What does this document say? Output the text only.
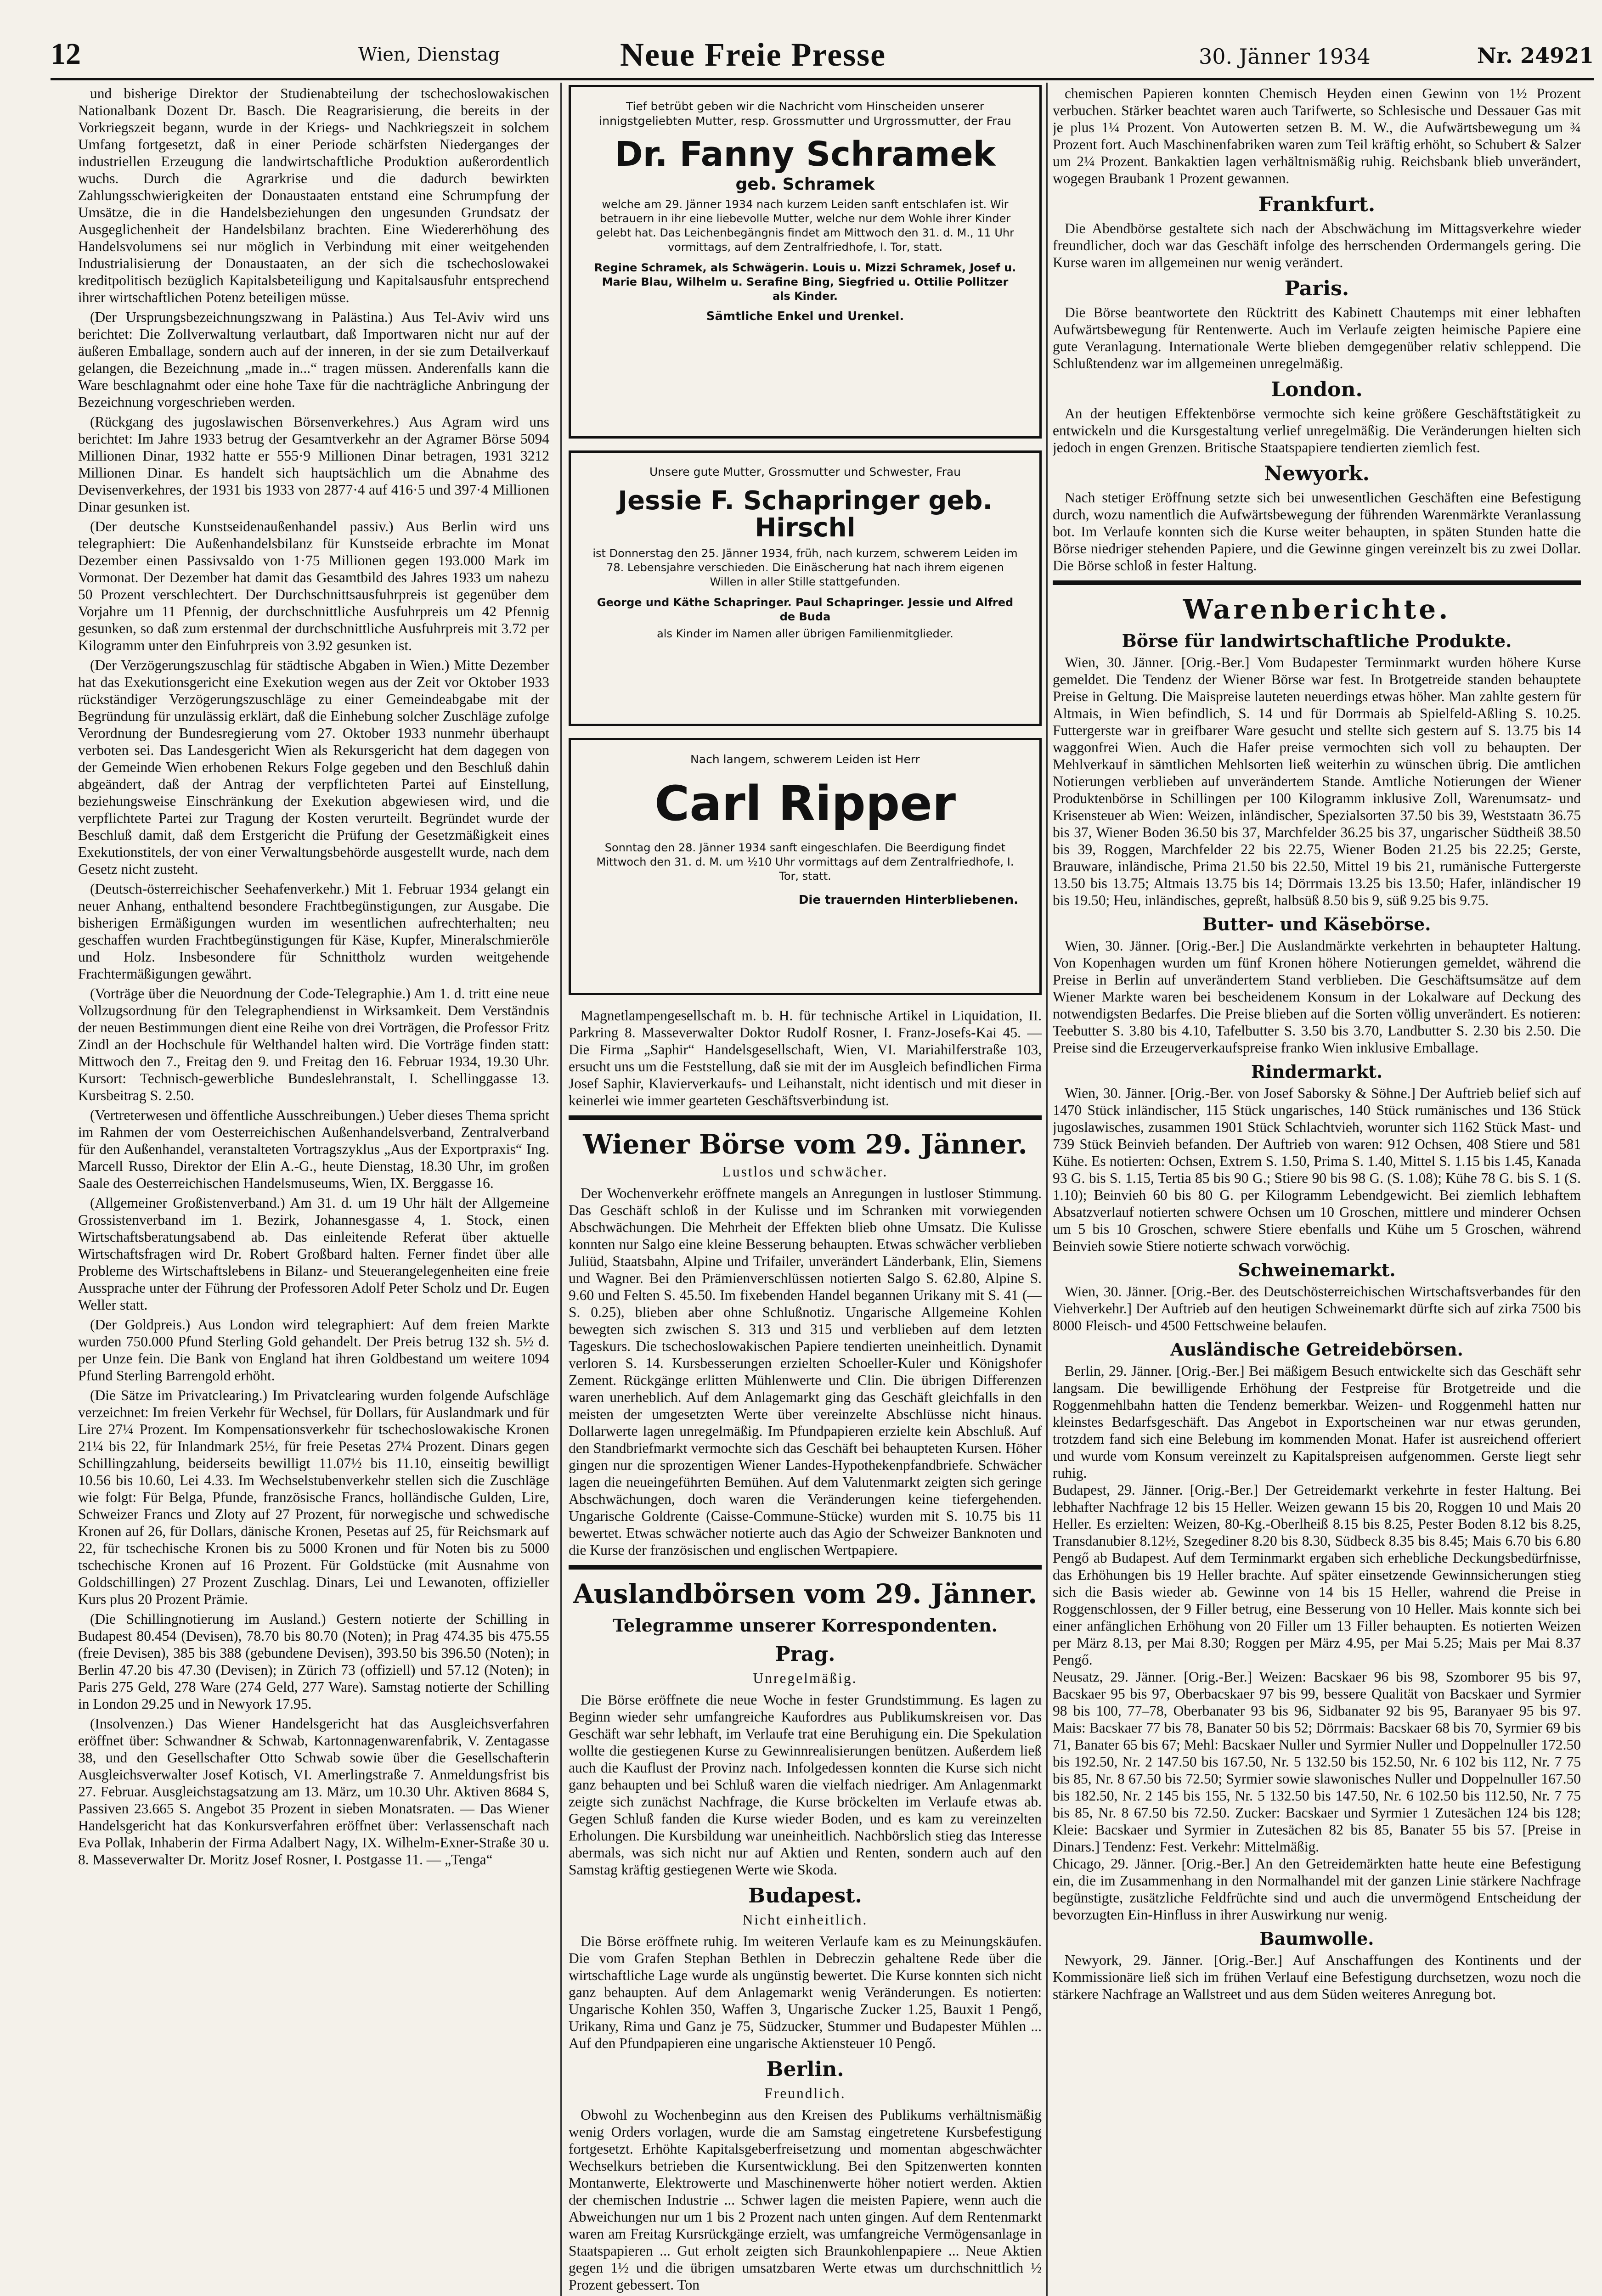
12	Wien, Dienstag	Neue Freie Presse	30. Jänner 1934	Nr. 24921

und bisherige Direktor der Studienabteilung der tschechoslowakischen Nationalbank Dozent Dr. Basch. Die Reagrarisierung, die bereits in der Vorkriegszeit begann, wurde in der Kriegs- und Nachkriegszeit in solchem Umfang fortgesetzt, daß in einer Periode schärfsten Niederganges der industriellen Erzeugung die landwirtschaftliche Produktion außerordentlich wuchs. Durch die Agrarkrise und die dadurch bewirkten Zahlungsschwierigkeiten der Donaustaaten entstand eine Schrumpfung der Umsätze, die in die Handelsbeziehungen den ungesunden Grundsatz der Ausgeglichenheit der Handelsbilanz brachten. Eine Wiedererhöhung des Handelsvolumens sei nur möglich in Verbindung mit einer weitgehenden Industrialisierung der Donaustaaten, an der sich die tschechoslowakei kreditpolitisch bezüglich Kapitalsbeteiligung und Kapitalsausfuhr entsprechend ihrer wirtschaftlichen Potenz beteiligen müsse.

(Der Ursprungsbezeichnungszwang in Palästina.) Aus Tel-Aviv wird uns berichtet: Die Zollverwaltung verlautbart, daß Importwaren nicht nur auf der äußeren Emballage, sondern auch auf der inneren, in der sie zum Detailverkauf gelangen, die Bezeichnung „made in...“ tragen müssen. Anderenfalls kann die Ware beschlagnahmt oder eine hohe Taxe für die nachträgliche Anbringung der Bezeichnung vorgeschrieben werden.

(Rückgang des jugoslawischen Börsenverkehres.) Aus Agram wird uns berichtet: Im Jahre 1933 betrug der Gesamtverkehr an der Agramer Börse 5094 Millionen Dinar, 1932 hatte er 555·9 Millionen Dinar betragen, 1931 3212 Millionen Dinar. Es handelt sich hauptsächlich um die Abnahme des Devisenverkehres, der 1931 bis 1933 von 2877·4 auf 416·5 und 397·4 Millionen Dinar gesunken ist.

(Der deutsche Kunstseidenaußenhandel passiv.) Aus Berlin wird uns telegraphiert: Die Außenhandelsbilanz für Kunstseide erbrachte im Monat Dezember einen Passivsaldo von 1·75 Millionen gegen 193.000 Mark im Vormonat. Der Dezember hat damit das Gesamtbild des Jahres 1933 um nahezu 50 Prozent verschlechtert. Der Durchschnittsausfuhrpreis ist gegenüber dem Vorjahre um 11 Pfennig, der durchschnittliche Ausfuhrpreis um 42 Pfennig gesunken, so daß zum erstenmal der durchschnittliche Ausfuhrpreis mit 3.72 per Kilogramm unter den Einfuhrpreis von 3.92 gesunken ist.

(Der Verzögerungszuschlag für städtische Abgaben in Wien.) Mitte Dezember hat das Exekutionsgericht eine Exekution wegen aus der Zeit vor Oktober 1933 rückständiger Verzögerungszuschläge zu einer Gemeindeabgabe mit der Begründung für unzulässig erklärt, daß die Einhebung solcher Zuschläge zufolge Verordnung der Bundesregierung vom 27. Oktober 1933 nunmehr überhaupt verboten sei. Das Landesgericht Wien als Rekursgericht hat dem dagegen von der Gemeinde Wien erhobenen Rekurs Folge gegeben und den Beschluß dahin abgeändert, daß der Antrag der verpflichteten Partei auf Einstellung, beziehungsweise Einschränkung der Exekution abgewiesen wird, und die verpflichtete Partei zur Tragung der Kosten verurteilt. Begründet wurde der Beschluß damit, daß dem Erstgericht die Prüfung der Gesetzmäßigkeit eines Exekutionstitels, der von einer Verwaltungsbehörde ausgestellt wurde, nach dem Gesetz nicht zusteht.

(Deutsch-österreichischer Seehafenverkehr.) Mit 1. Februar 1934 gelangt ein neuer Anhang, enthaltend besondere Frachtbegünstigungen, zur Ausgabe. Die bisherigen Ermäßigungen wurden im wesentlichen aufrechterhalten; neu geschaffen wurden Frachtbegünstigungen für Käse, Kupfer, Mineralschmieröle und Holz. Insbesondere für Schnittholz wurden weitgehende Frachtermäßigungen gewährt.

(Vorträge über die Neuordnung der Code-Telegraphie.) Am 1. d. tritt eine neue Vollzugsordnung für den Telegraphendienst in Wirksamkeit. Dem Verständnis der neuen Bestimmungen dient eine Reihe von drei Vorträgen, die Professor Fritz Zindl an der Hochschule für Welthandel halten wird. Die Vorträge finden statt: Mittwoch den 7., Freitag den 9. und Freitag den 16. Februar 1934, 19.30 Uhr. Kursort: Technisch-gewerbliche Bundeslehranstalt, I. Schellinggasse 13. Kursbeitrag S. 2.50.

(Vertreterwesen und öffentliche Ausschreibungen.) Ueber dieses Thema spricht im Rahmen der vom Oesterreichischen Außenhandelsverband, Zentralverband für den Außenhandel, veranstalteten Vortragszyklus „Aus der Exportpraxis“ Ing. Marcell Russo, Direktor der Elin A.-G., heute Dienstag, 18.30 Uhr, im großen Saale des Oesterreichischen Handelsmuseums, Wien, IX. Berggasse 16.

(Allgemeiner Großistenverband.) Am 31. d. um 19 Uhr hält der Allgemeine Grossistenverband im 1. Bezirk, Johannesgasse 4, 1. Stock, einen Wirtschaftsberatungsabend ab. Das einleitende Referat über aktuelle Wirtschaftsfragen wird Dr. Robert Großbard halten. Ferner findet über alle Probleme des Wirtschaftslebens in Bilanz- und Steuerangelegenheiten eine freie Aussprache unter der Führung der Professoren Adolf Peter Scholz und Dr. Eugen Weller statt.

(Der Goldpreis.) Aus London wird telegraphiert: Auf dem freien Markte wurden 750.000 Pfund Sterling Gold gehandelt. Der Preis betrug 132 sh. 5½ d. per Unze fein. Die Bank von England hat ihren Goldbestand um weitere 1094 Pfund Sterling Barrengold erhöht.

(Die Sätze im Privatclearing.) Im Privatclearing wurden folgende Aufschläge verzeichnet: Im freien Verkehr für Wechsel, für Dollars, für Auslandmark und für Lire 27¼ Prozent. Im Kompensationsverkehr für tschechoslowakische Kronen 21¼ bis 22, für Inlandmark 25½, für freie Pesetas 27¼ Prozent. Dinars gegen Schillingzahlung, beiderseits bewilligt 11.07½ bis 11.10, einseitig bewilligt 10.56 bis 10.60, Lei 4.33. Im Wechselstubenverkehr stellen sich die Zuschläge wie folgt: Für Belga, Pfunde, französische Francs, holländische Gulden, Lire, Schweizer Francs und Zloty auf 27 Prozent, für norwegische und schwedische Kronen auf 26, für Dollars, dänische Kronen, Pesetas auf 25, für Reichsmark auf 22, für tschechische Kronen bis zu 5000 Kronen und für Noten bis zu 5000 tschechische Kronen auf 16 Prozent. Für Goldstücke (mit Ausnahme von Goldschillingen) 27 Prozent Zuschlag. Dinars, Lei und Lewanoten, offizieller Kurs plus 20 Prozent Prämie.

(Die Schillingnotierung im Ausland.) Gestern notierte der Schilling in Budapest 80.454 (Devisen), 78.70 bis 80.70 (Noten); in Prag 474.35 bis 475.55 (freie Devisen), 385 bis 388 (gebundene Devisen), 393.50 bis 396.50 (Noten); in Berlin 47.20 bis 47.30 (Devisen); in Zürich 73 (offiziell) und 57.12 (Noten); in Paris 275 Geld, 278 Ware (274 Geld, 277 Ware). Samstag notierte der Schilling in London 29.25 und in Newyork 17.95.

(Insolvenzen.) Das Wiener Handelsgericht hat das Ausgleichsverfahren eröffnet über: Schwandner & Schwab, Kartonnagenwarenfabrik, V. Zentagasse 38, und den Gesellschafter Otto Schwab sowie über die Gesellschafterin Ausgleichsverwalter Josef Kotisch, VI. Amerlingstraße 7. Anmeldungsfrist bis 27. Februar. Ausgleichstagsatzung am 13. März, um 10.30 Uhr. Aktiven 8684 S, Passiven 23.665 S. Angebot 35 Prozent in sieben Monatsraten. — Das Wiener Handelsgericht hat das Konkursverfahren eröffnet über: Verlassenschaft nach Eva Pollak, Inhaberin der Firma Adalbert Nagy, IX. Wilhelm-Exner-Straße 30 u. 8. Masseverwalter Dr. Moritz Josef Rosner, I. Postgasse 11. — „Tenga“

Tief betrübt geben wir die Nachricht vom Hinscheiden unserer innigstgeliebten Mutter, resp. Grossmutter und Urgrossmutter, der Frau
Dr. Fanny Schramek
geb. Schramek
welche am 29. Jänner 1934 nach kurzem Leiden sanft entschlafen ist. Wir betrauern in ihr eine liebevolle Mutter, welche nur dem Wohle ihrer Kinder gelebt hat. Das Leichenbegängnis findet am Mittwoch den 31. d. M., 11 Uhr vormittags, auf dem Zentralfriedhofe, I. Tor, statt.
Regine Schramek, als Schwägerin. Louis u. Mizzi Schramek, Josef u. Marie Blau, Wilhelm u. Serafine Bing, Siegfried u. Ottilie Pollitzer als Kinder.
Sämtliche Enkel und Urenkel.
Unsere gute Mutter, Grossmutter und Schwester, Frau
Jessie F. Schapringer geb. Hirschl
ist Donnerstag den 25. Jänner 1934, früh, nach kurzem, schwerem Leiden im 78. Lebensjahre verschieden. Die Einäscherung hat nach ihrem eigenen Willen in aller Stille stattgefunden.
George und Käthe Schapringer. Paul Schapringer. Jessie und Alfred de Buda
als Kinder im Namen aller übrigen Familienmitglieder.
Nach langem, schwerem Leiden ist Herr
Carl Ripper
Sonntag den 28. Jänner 1934 sanft eingeschlafen. Die Beerdigung findet Mittwoch den 31. d. M. um ½10 Uhr vormittags auf dem Zentralfriedhofe, I. Tor, statt.
Die trauernden Hinterbliebenen.

Magnetlampengesellschaft m. b. H. für technische Artikel in Liquidation, II. Parkring 8. Masseverwalter Doktor Rudolf Rosner, I. Franz-Josefs-Kai 45. — Die Firma „Saphir“ Handelsgesellschaft, Wien, VI. Mariahilferstraße 103, ersucht uns um die Feststellung, daß sie mit der im Ausgleich befindlichen Firma Josef Saphir, Klavierverkaufs- und Leihanstalt, nicht identisch und mit dieser in keinerlei wie immer gearteten Geschäftsverbindung ist.

Wiener Börse vom 29. Jänner.
Lustlos und schwächer.

Der Wochenverkehr eröffnete mangels an Anregungen in lustloser Stimmung. Das Geschäft schloß in der Kulisse und im Schranken mit vorwiegenden Abschwächungen. Die Mehrheit der Effekten blieb ohne Umsatz. Die Kulisse konnten nur Salgo eine kleine Besserung behaupten. Etwas schwächer verblieben Juliüd, Staatsbahn, Alpine und Trifailer, unverändert Länderbank, Elin, Siemens und Wagner. Bei den Prämienverschlüssen notierten Salgo S. 62.80, Alpine S. 9.60 und Felten S. 45.50. Im fixebenden Handel begannen Urikany mit S. 41 (— S. 0.25), blieben aber ohne Schlußnotiz. Ungarische Allgemeine Kohlen bewegten sich zwischen S. 313 und 315 und verblieben auf dem letzten Tageskurs. Die tschechoslowakischen Papiere tendierten uneinheitlich. Dynamit verloren S. 14. Kursbesserungen erzielten Schoeller-Kuler und Königshofer Zement. Rückgänge erlitten Mühlenwerte und Clin. Die übrigen Differenzen waren unerheblich. Auf dem Anlagemarkt ging das Geschäft gleichfalls in den meisten der umgesetzten Werte über vereinzelte Abschlüsse nicht hinaus. Dollarwerte lagen unregelmäßig. Im Pfundpapieren erzielte kein Abschluß. Auf den Standbriefmarkt vermochte sich das Geschäft bei behaupteten Kursen. Höher gingen nur die sprozentigen Wiener Landes-Hypothekenpfandbriefe. Schwächer lagen die neueingeführten Bemühen. Auf dem Valutenmarkt zeigten sich geringe Abschwächungen, doch waren die Veränderungen keine tiefergehenden. Ungarische Goldrente (Caisse-Commune-Stücke) wurden mit S. 10.75 bis 11 bewertet. Etwas schwächer notierte auch das Agio der Schweizer Banknoten und die Kurse der französischen und englischen Wertpapiere.

Auslandbörsen vom 29. Jänner.
Telegramme unserer Korrespondenten.
Prag.
Unregelmäßig.

Die Börse eröffnete die neue Woche in fester Grundstimmung. Es lagen zu Beginn wieder sehr umfangreiche Kaufordres aus Publikumskreisen vor. Das Geschäft war sehr lebhaft, im Verlaufe trat eine Beruhigung ein. Die Spekulation wollte die gestiegenen Kurse zu Gewinnrealisierungen benützen. Außerdem ließ auch die Kauflust der Provinz nach. Infolgedessen konnten die Kurse sich nicht ganz behaupten und bei Schluß waren die vielfach niedriger. Am Anlagenmarkt zeigte sich zunächst Nachfrage, die Kurse bröckelten im Verlaufe etwas ab. Gegen Schluß fanden die Kurse wieder Boden, und es kam zu vereinzelten Erholungen. Die Kursbildung war uneinheitlich. Nachbörslich stieg das Interesse abermals, was sich nicht nur auf Aktien und Renten, sondern auch auf den Samstag kräftig gestiegenen Werte wie Skoda.

Budapest.
Nicht einheitlich.

Die Börse eröffnete ruhig. Im weiteren Verlaufe kam es zu Meinungskäufen. Die vom Grafen Stephan Bethlen in Debreczin gehaltene Rede über die wirtschaftliche Lage wurde als ungünstig bewertet. Die Kurse konnten sich nicht ganz behaupten. Auf dem Anlagemarkt wenig Veränderungen. Es notierten: Ungarische Kohlen 350, Waffen 3, Ungarische Zucker 1.25, Bauxit 1 Pengő, Urikany, Rima und Ganz je 75, Südzucker, Stummer und Budapester Mühlen ... Auf den Pfundpapieren eine ungarische Aktiensteuer 10 Pengő.

Berlin.
Freundlich.

Obwohl zu Wochenbeginn aus den Kreisen des Publikums verhältnismäßig wenig Orders vorlagen, wurde die am Samstag eingetretene Kursbefestigung fortgesetzt. Erhöhte Kapitalsgeberfreisetzung und momentan abgeschwächter Wechselkurs betrieben die Kursentwicklung. Bei den Spitzenwerten konnten Montanwerte, Elektrowerte und Maschinenwerte höher notiert werden. Aktien der chemischen Industrie ... Schwer lagen die meisten Papiere, wenn auch die Abweichungen nur um 1 bis 2 Prozent nach unten gingen. Auf dem Rentenmarkt waren am Freitag Kursrückgänge erzielt, was umfangreiche Vermögensanlage in Staatspapieren ... Gut erholt zeigten sich Braunkohlenpapiere ... Neue Aktien gegen 1½ und die übrigen umsatzbaren Werte etwas um durchschnittlich ½ Prozent gebessert. Ton

chemischen Papieren konnten Chemisch Heyden einen Gewinn von 1½ Prozent verbuchen. Stärker beachtet waren auch Tarifwerte, so Schlesische und Dessauer Gas mit je plus 1¼ Prozent. Von Autowerten setzen B. M. W., die Aufwärtsbewegung um ¾ Prozent fort. Auch Maschinenfabriken waren zum Teil kräftig erhöht, so Schubert & Salzer um 2¼ Prozent. Bankaktien lagen verhältnismäßig ruhig. Reichsbank blieb unverändert, wogegen Braubank 1 Prozent gewannen.

Frankfurt.

Die Abendbörse gestaltete sich nach der Abschwächung im Mittagsverkehre wieder freundlicher, doch war das Geschäft infolge des herrschenden Ordermangels gering. Die Kurse waren im allgemeinen nur wenig verändert.

Paris.

Die Börse beantwortete den Rücktritt des Kabinett Chautemps mit einer lebhaften Aufwärtsbewegung für Rentenwerte. Auch im Verlaufe zeigten heimische Papiere eine gute Veranlagung. Internationale Werte blieben demgegenüber relativ schleppend. Die Schlußtendenz war im allgemeinen unregelmäßig.

London.

An der heutigen Effektenbörse vermochte sich keine größere Geschäftstätigkeit zu entwickeln und die Kursgestaltung verlief unregelmäßig. Die Veränderungen hielten sich jedoch in engen Grenzen. Britische Staatspapiere tendierten ziemlich fest.

Newyork.

Nach stetiger Eröffnung setzte sich bei unwesentlichen Geschäften eine Befestigung durch, wozu namentlich die Aufwärtsbewegung der führenden Warenmärkte Veranlassung bot. Im Verlaufe konnten sich die Kurse weiter behaupten, in späten Stunden hatte die Börse niedriger stehenden Papiere, und die Gewinne gingen vereinzelt bis zu zwei Dollar. Die Börse schloß in fester Haltung.

Warenberichte.
Börse für landwirtschaftliche Produkte.

Wien, 30. Jänner. [Orig.-Ber.] Vom Budapester Terminmarkt wurden höhere Kurse gemeldet. Die Tendenz der Wiener Börse war fest. In Brotgetreide standen behauptete Preise in Geltung. Die Maispreise lauteten neuerdings etwas höher. Man zahlte gestern für Altmais, in Wien befindlich, S. 14 und für Dorrmais ab Spielfeld-Aßling S. 10.25. Futtergerste war in greifbarer Ware gesucht und stellte sich gestern auf S. 13.75 bis 14 waggonfrei Wien. Auch die Hafer preise vermochten sich voll zu behaupten. Der Mehlverkauf in sämtlichen Mehlsorten ließ weiterhin zu wünschen übrig. Die amtlichen Notierungen verblieben auf unverändertem Stande. Amtliche Notierungen der Wiener Produktenbörse in Schillingen per 100 Kilogramm inklusive Zoll, Warenumsatz- und Krisensteuer ab Wien: Weizen, inländischer, Spezialsorten 37.50 bis 39, Weststaatn 36.75 bis 37, Wiener Boden 36.50 bis 37, Marchfelder 36.25 bis 37, ungarischer Südtheiß 38.50 bis 39, Roggen, Marchfelder 22 bis 22.75, Wiener Boden 21.25 bis 22.25; Gerste, Brauware, inländische, Prima 21.50 bis 22.50, Mittel 19 bis 21, rumänische Futtergerste 13.50 bis 13.75; Altmais 13.75 bis 14; Dörrmais 13.25 bis 13.50; Hafer, inländischer 19 bis 19.50; Heu, inländisches, gepreßt, halbsüß 8.50 bis 9, süß 9.25 bis 9.75.

Butter- und Käsebörse.

Wien, 30. Jänner. [Orig.-Ber.] Die Auslandmärkte verkehrten in behaupteter Haltung. Von Kopenhagen wurden um fünf Kronen höhere Notierungen gemeldet, während die Preise in Berlin auf unverändertem Stand verblieben. Die Geschäftsumsätze auf dem Wiener Markte waren bei bescheidenem Konsum in der Lokalware auf Deckung des notwendigsten Bedarfes. Die Preise blieben auf die Sorten völlig unverändert. Es notieren: Teebutter S. 3.80 bis 4.10, Tafelbutter S. 3.50 bis 3.70, Landbutter S. 2.30 bis 2.50. Die Preise sind die Erzeugerverkaufspreise franko Wien inklusive Emballage.

Rindermarkt.

Wien, 30. Jänner. [Orig.-Ber. von Josef Saborsky & Söhne.] Der Auftrieb belief sich auf 1470 Stück inländischer, 115 Stück ungarisches, 140 Stück rumänisches und 136 Stück jugoslawisches, zusammen 1901 Stück Schlachtvieh, worunter sich 1162 Stück Mast- und 739 Stück Beinvieh befanden. Der Auftrieb von waren: 912 Ochsen, 408 Stiere und 581 Kühe. Es notierten: Ochsen, Extrem S. 1.50, Prima S. 1.40, Mittel S. 1.15 bis 1.45, Kanada 93 G. bis S. 1.15, Tertia 85 bis 90 G.; Stiere 90 bis 98 G. (S. 1.08); Kühe 78 G. bis S. 1 (S. 1.10); Beinvieh 60 bis 80 G. per Kilogramm Lebendgewicht. Bei ziemlich lebhaftem Absatzverlauf notierten schwere Ochsen um 10 Groschen, mittlere und minderer Ochsen um 5 bis 10 Groschen, schwere Stiere ebenfalls und Kühe um 5 Groschen, während Beinvieh sowie Stiere notierte schwach vorwöchig.

Schweinemarkt.

Wien, 30. Jänner. [Orig.-Ber. des Deutschösterreichischen Wirtschaftsverbandes für den Viehverkehr.] Der Auftrieb auf den heutigen Schweinemarkt dürfte sich auf zirka 7500 bis 8000 Fleisch- und 4500 Fettschweine belaufen.

Ausländische Getreidebörsen.

Berlin, 29. Jänner. [Orig.-Ber.] Bei mäßigem Besuch entwickelte sich das Geschäft sehr langsam. Die bewilligende Erhöhung der Festpreise für Brotgetreide und die Roggenmehlbahn hatten die Tendenz bemerkbar. Weizen- und Roggenmehl hatten nur kleinstes Bedarfsgeschäft. Das Angebot in Exportscheinen war nur etwas gerunden, trotzdem fand sich eine Belebung im kommenden Monat. Hafer ist ausreichend offeriert und wurde vom Konsum vereinzelt zu Kapitalspreisen aufgenommen. Gerste liegt sehr ruhig.
Budapest, 29. Jänner. [Orig.-Ber.] Der Getreidemarkt verkehrte in fester Haltung. Bei lebhafter Nachfrage 12 bis 15 Heller. Weizen gewann 15 bis 20, Roggen 10 und Mais 20 Heller. Es erzielten: Weizen, 80-Kg.-Oberlheiß 8.15 bis 8.25, Pester Boden 8.12 bis 8.25, Transdanubier 8.12½, Szegediner 8.20 bis 8.30, Südbeck 8.35 bis 8.45; Mais 6.70 bis 6.80 Pengő ab Budapest. Auf dem Terminmarkt ergaben sich erhebliche Deckungsbedürfnisse, das Erhöhungen bis 19 Heller brachte. Auf später einsetzende Gewinnsicherungen stieg sich die Basis wieder ab. Gewinne von 14 bis 15 Heller, wahrend die Preise in Roggenschlossen, der 9 Filler betrug, eine Besserung von 10 Heller. Mais konnte sich bei einer anfänglichen Erhöhung von 20 Filler um 13 Filler behaupten. Es notierten Weizen per März 8.13, per Mai 8.30; Roggen per März 4.95, per Mai 5.25; Mais per Mai 8.37 Pengő.
Neusatz, 29. Jänner. [Orig.-Ber.] Weizen: Bacskaer 96 bis 98, Szomborer 95 bis 97, Bacskaer 95 bis 97, Oberbacskaer 97 bis 99, bessere Qualität von Bacskaer und Syrmier 98 bis 100, 77–78, Oberbanater 93 bis 96, Sidbanater 92 bis 95, Baranyaer 95 bis 97. Mais: Bacskaer 77 bis 78, Banater 50 bis 52; Dörrmais: Bacskaer 68 bis 70, Syrmier 69 bis 71, Banater 65 bis 67; Mehl: Bacskaer Nuller und Syrmier Nuller und Doppelnuller 172.50 bis 192.50, Nr. 2 147.50 bis 167.50, Nr. 5 132.50 bis 152.50, Nr. 6 102 bis 112, Nr. 7 75 bis 85, Nr. 8 67.50 bis 72.50; Syrmier sowie slawonisches Nuller und Doppelnuller 167.50 bis 182.50, Nr. 2 145 bis 155, Nr. 5 132.50 bis 147.50, Nr. 6 102.50 bis 112.50, Nr. 7 75 bis 85, Nr. 8 67.50 bis 72.50. Zucker: Bacskaer und Syrmier 1 Zutesächen 124 bis 128; Kleie: Bacskaer und Syrmier in Zutesächen 82 bis 85, Banater 55 bis 57. [Preise in Dinars.] Tendenz: Fest. Verkehr: Mittelmäßig.
Chicago, 29. Jänner. [Orig.-Ber.] An den Getreidemärkten hatte heute eine Befestigung ein, die im Zusammenhang in den Normalhandel mit der ganzen Linie stärkere Nachfrage begünstigte, zusätzliche Feldfrüchte sind und auch die unvermögend Entscheidung der bevorzugten Ein-Hinfluss in ihrer Auswirkung nur wenig.

Baumwolle.

Newyork, 29. Jänner. [Orig.-Ber.] Auf Anschaffungen des Kontinents und der Kommissionäre ließ sich im frühen Verlauf eine Befestigung durchsetzen, wozu noch die stärkere Nachfrage an Wallstreet und aus dem Süden weiteres Anregung bot.
